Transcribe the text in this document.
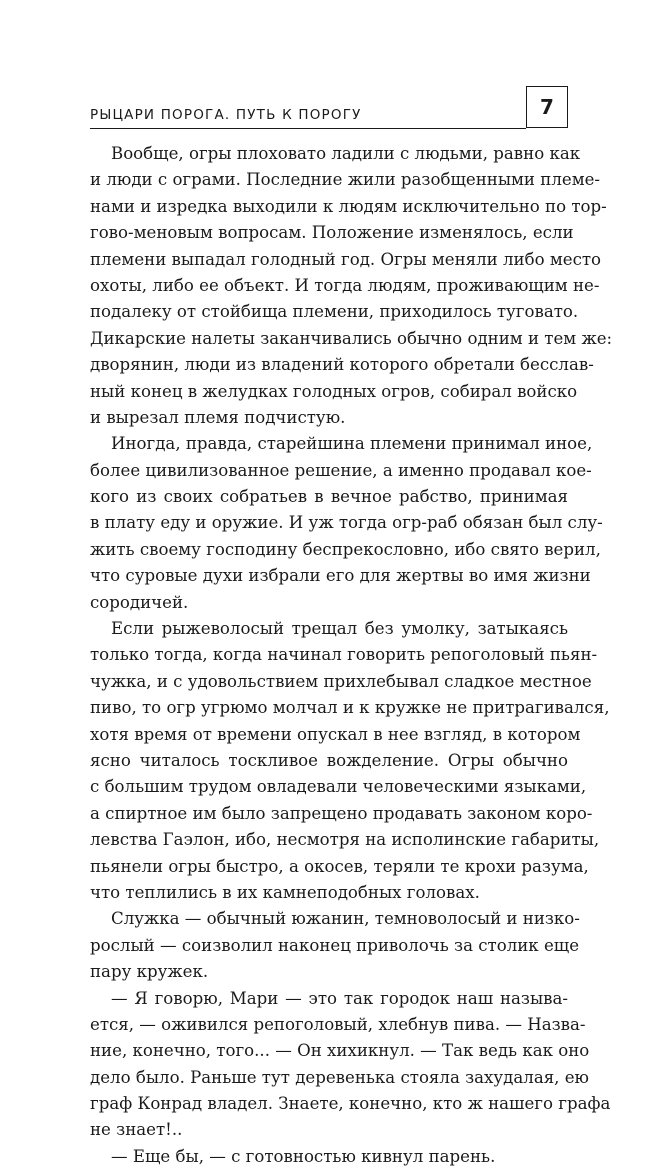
РЫЦАРИ ПОРОГА. ПУТЬ К ПОРОГУ	7
Вообще, огры плоховато ладили с людьми, равно как
и люди с ограми. Последние жили разобщенными племе-
нами и изредка выходили к людям исключительно по тор-
гово-меновым вопросам. Положение изменялось, если
племени выпадал голодный год. Огры меняли либо место
охоты, либо ее объект. И тогда людям, проживающим не-
подалеку от стойбища племени, приходилось туговато.
Дикарские налеты заканчивались обычно одним и тем же:
дворянин, люди из владений которого обретали бесслав-
ный конец в желудках голодных огров, собирал войско
и вырезал племя подчистую.
Иногда, правда, старейшина племени принимал иное,
более цивилизованное решение, а именно продавал кое-
кого из своих собратьев в вечное рабство, принимая
в плату еду и оружие. И уж тогда огр-раб обязан был слу-
жить своему господину беспрекословно, ибо свято верил,
что суровые духи избрали его для жертвы во имя жизни
сородичей.
Если рыжеволосый трещал без умолку, затыкаясь
только тогда, когда начинал говорить репоголовый пьян-
чужка, и с удовольствием прихлебывал сладкое местное
пиво, то огр угрюмо молчал и к кружке не притрагивался,
хотя время от времени опускал в нее взгляд, в котором
ясно читалось тоскливое вожделение. Огры обычно
с большим трудом овладевали человеческими языками,
а спиртное им было запрещено продавать законом коро-
левства Гаэлон, ибо, несмотря на исполинские габариты,
пьянели огры быстро, а окосев, теряли те крохи разума,
что теплились в их камнеподобных головах.
Служка — обычный южанин, темноволосый и низко-
рослый — соизволил наконец приволочь за столик еще
пару кружек.
— Я говорю, Мари — это так городок наш называ-
ется, — оживился репоголовый, хлебнув пива. — Назва-
ние, конечно, того... — Он хихикнул. — Так ведь как оно
дело было. Раньше тут деревенька стояла захудалая, ею
граф Конрад владел. Знаете, конечно, кто ж нашего графа
не знает!..
— Еще бы, — с готовностью кивнул парень.
